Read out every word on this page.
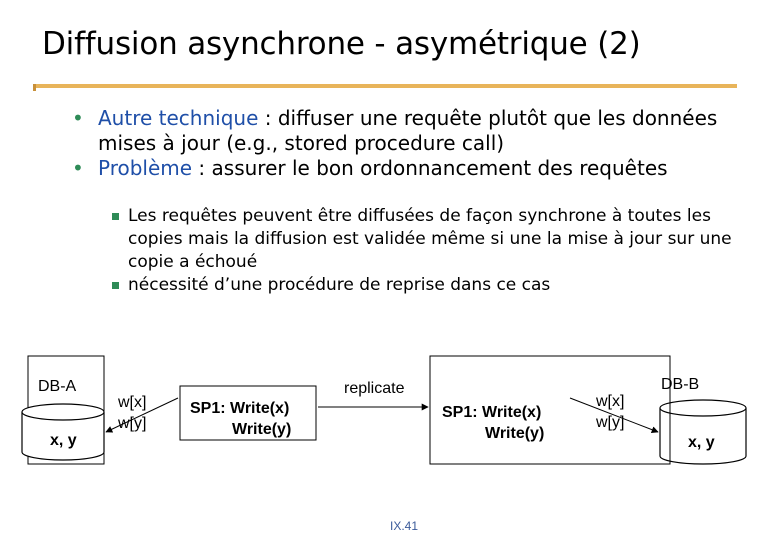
Diffusion asynchrone - asymétrique (2)
• Autre technique : diffuser une requête plutôt que les données mises à jour (e.g., stored procedure call)
• Problème : assurer le bon ordonnancement des requêtes
Les requêtes peuvent être diffusées de façon synchrone à toutes les copies mais la diffusion est validée même si une la mise à jour sur une copie a échoué
nécessité d’une procédure de reprise dans ce cas
DB-A
x, y
w[x]
w[y]
SP1: Write(x)
Write(y)
replicate
SP1: Write(x)
Write(y)
w[x]
w[y]
DB-B
x, y
IX.41
